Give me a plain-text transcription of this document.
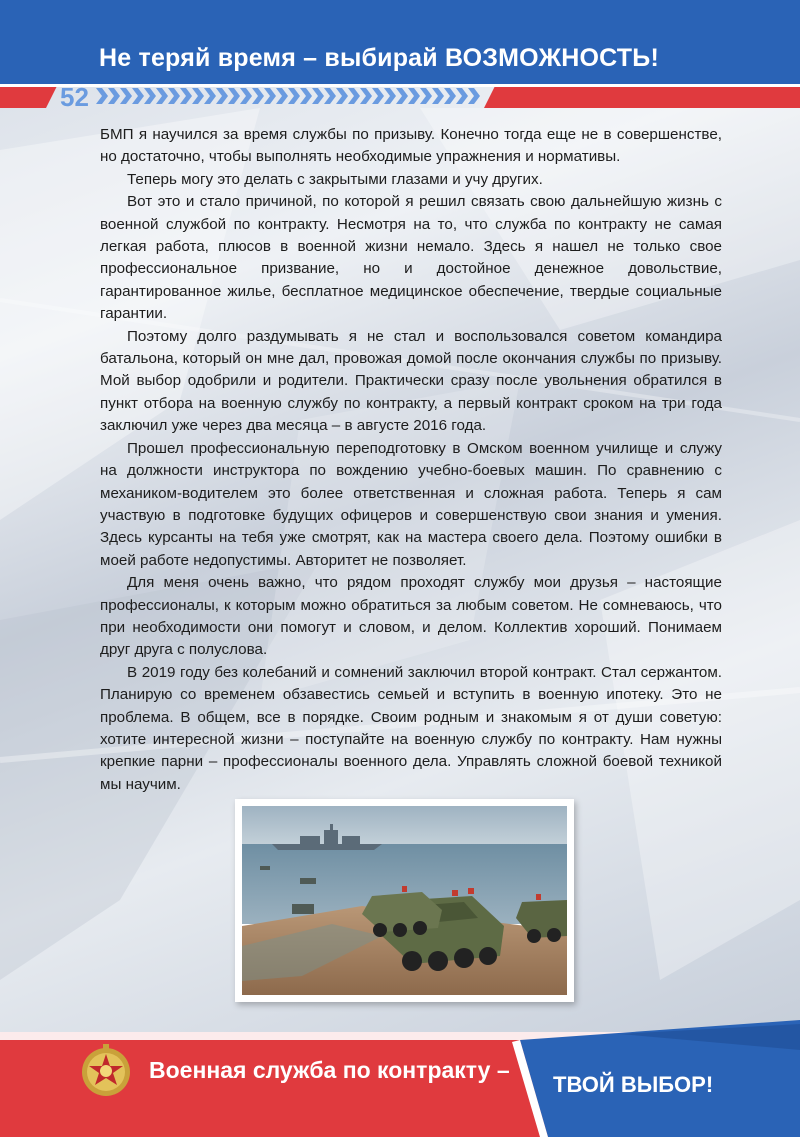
Не теряй время – выбирай ВОЗМОЖНОСТЬ!
52

БМП я научился за время службы по призыву. Конечно тогда еще не в совершенстве, но достаточно, чтобы выполнять необходимые упражнения и нормативы.

Теперь могу это делать с закрытыми глазами и учу других.

Вот это и стало причиной, по которой я решил связать свою дальнейшую жизнь с военной службой по контракту. Несмотря на то, что служба по контракту не самая легкая работа, плюсов в военной жизни немало. Здесь я нашел не только свое профессиональное призвание, но и достойное денежное довольствие, гарантированное жилье, бесплатное медицинское обеспечение, твердые социальные гарантии.

Поэтому долго раздумывать я не стал и воспользовался советом командира батальона, который он мне дал, провожая домой после окончания службы по призыву. Мой выбор одобрили и родители. Практически сразу после увольнения обратился в пункт отбора на военную службу по контракту, а первый контракт сроком на три года заключил уже через два месяца – в августе 2016 года.

Прошел профессиональную переподготовку в Омском военном училище и служу на должности инструктора по вождению учебно-боевых машин. По сравнению с механиком-водителем это более ответственная и сложная работа. Теперь я сам участвую в подготовке будущих офицеров и совершенствую свои знания и умения. Здесь курсанты на тебя уже смотрят, как на мастера своего дела. Поэтому ошибки в моей работе недопустимы. Авторитет не позволяет.

Для меня очень важно, что рядом проходят службу мои друзья – настоящие профессионалы, к которым можно обратиться за любым советом. Не сомневаюсь, что при необходимости они помогут и словом, и делом. Коллектив хороший. Понимаем друг друга с полуслова.

В 2019 году без колебаний и сомнений заключил второй контракт. Стал сержантом. Планирую со временем обзавестись семьей и вступить в военную ипотеку. Это не проблема. В общем, все в порядке. Своим родным и знакомым я от души советую: хотите интересной жизни – поступайте на военную службу по контракту. Нам нужны крепкие парни – профессионалы военного дела. Управлять сложной боевой техникой мы научим.

Военная служба по контракту –
ТВОЙ ВЫБОР!
